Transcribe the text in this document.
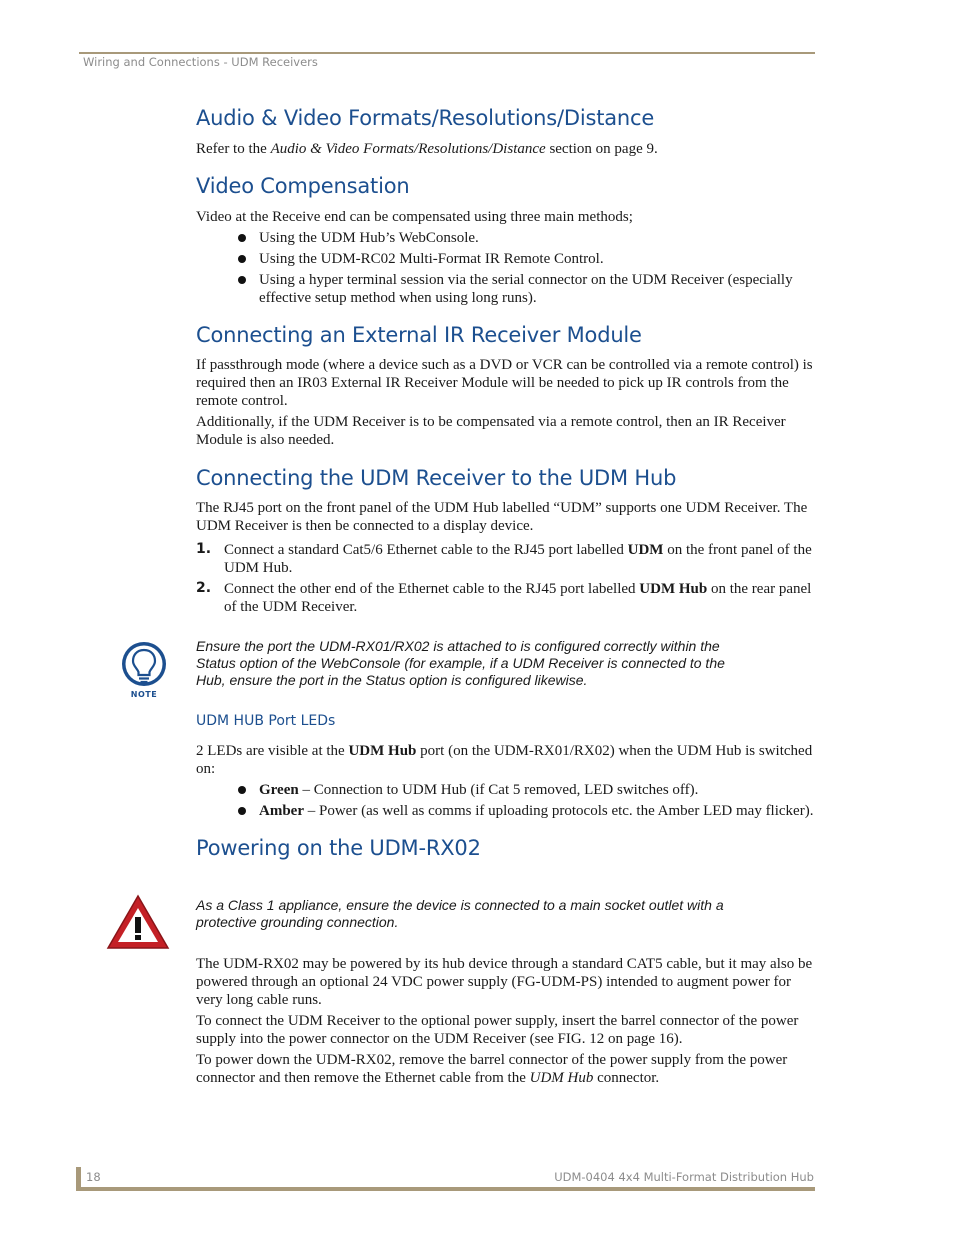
Wiring and Connections - UDM Receivers
Audio & Video Formats/Resolutions/Distance

Refer to the Audio & Video Formats/Resolutions/Distance section on page 9.

Video Compensation

Video at the Receive end can be compensated using three main methods;

Using the UDM Hub’s WebConsole.
Using the UDM-RC02 Multi-Format IR Remote Control.
Using a hyper terminal session via the serial connector on the UDM Receiver (especially effective setup method when using long runs).
Connecting an External IR Receiver Module

If passthrough mode (where a device such as a DVD or VCR can be controlled via a remote control) is required then an IR03 External IR Receiver Module will be needed to pick up IR controls from the remote control.

Additionally, if the UDM Receiver is to be compensated via a remote control, then an IR Receiver Module is also needed.

Connecting the UDM Receiver to the UDM Hub

The RJ45 port on the front panel of the UDM Hub labelled “UDM” supports one UDM Receiver. The UDM Receiver is then be connected to a display device.

1. Connect a standard Cat5/6 Ethernet cable to the RJ45 port labelled UDM on the front panel of the UDM Hub.
2. Connect the other end of the Ethernet cable to the RJ45 port labelled UDM Hub on the rear panel of the UDM Receiver.
Ensure the port the UDM-RX01/RX02 is attached to is configured correctly within the Status option of the WebConsole (for example, if a UDM Receiver is connected to the Hub, ensure the port in the Status option is configured likewise.
UDM HUB Port LEDs

2 LEDs are visible at the UDM Hub port (on the UDM-RX01/RX02) when the UDM Hub is switched on:

Green – Connection to UDM Hub (if Cat 5 removed, LED switches off).
Amber – Power (as well as comms if uploading protocols etc. the Amber LED may flicker).
Powering on the UDM-RX02
As a Class 1 appliance, ensure the device is connected to a main socket outlet with a protective grounding connection.

The UDM-RX02 may be powered by its hub device through a standard CAT5 cable, but it may also be powered through an optional 24 VDC power supply (FG-UDM-PS) intended to augment power for very long cable runs.

To connect the UDM Receiver to the optional power supply, insert the barrel connector of the power supply into the power connector on the UDM Receiver (see FIG. 12 on page 16).

To power down the UDM-RX02, remove the barrel connector of the power supply from the power connector and then remove the Ethernet cable from the UDM Hub connector.

NOTE
18	UDM-0404 4x4 Multi-Format Distribution Hub
